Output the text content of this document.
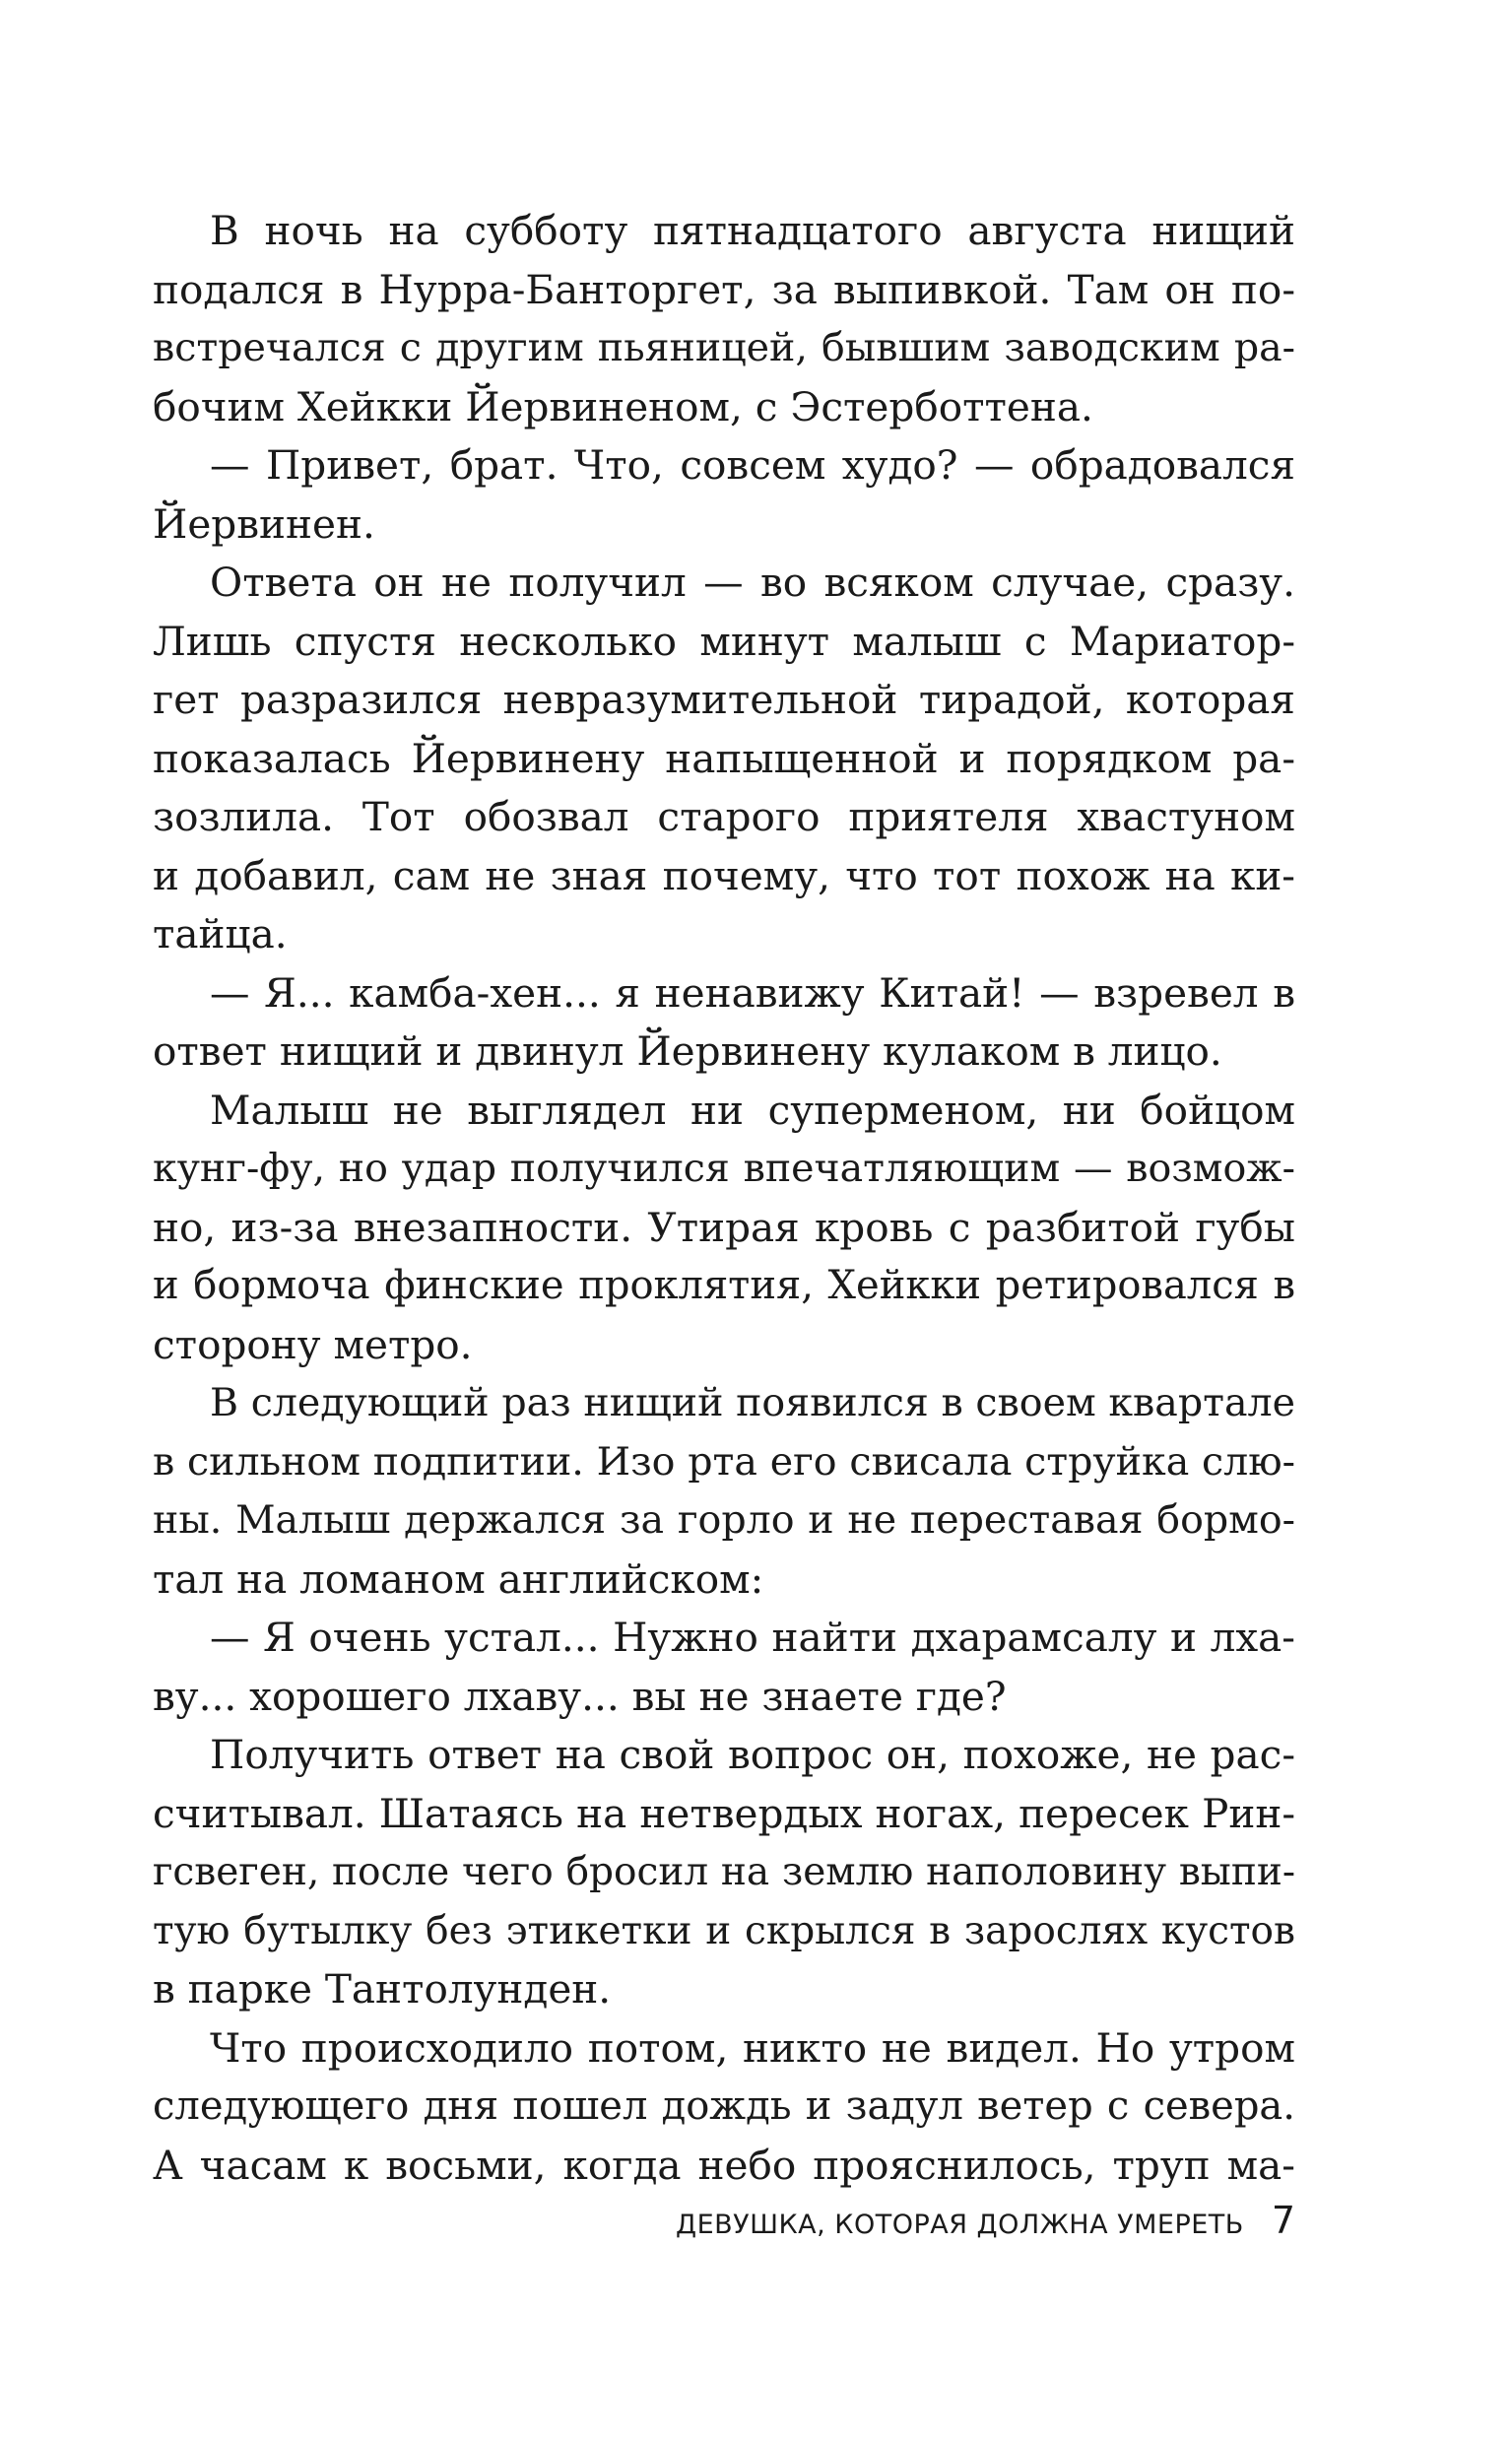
В ночь на субботу пятнадцатого августа нищий
подался в Нурра-Банторгет, за выпивкой. Там он по-
встречался с другим пьяницей, бывшим заводским ра-
бочим Хейкки Йервиненом, с Эстерботтена.
— Привет, брат. Что, совсем худо? — обрадовался
Йервинен.
Ответа он не получил — во всяком случае, сразу.
Лишь спустя несколько минут малыш с Мариатор-
гет разразился невразумительной тирадой, которая
показалась Йервинену напыщенной и порядком ра-
зозлила. Тот обозвал старого приятеля хвастуном
и добавил, сам не зная почему, что тот похож на ки-
тайца.
— Я... камба-хен... я ненавижу Китай! — взревел в
ответ нищий и двинул Йервинену кулаком в лицо.
Малыш не выглядел ни суперменом, ни бойцом
кунг-фу, но удар получился впечатляющим — возмож-
но, из-за внезапности. Утирая кровь с разбитой губы
и бормоча финские проклятия, Хейкки ретировался в
сторону метро.
В следующий раз нищий появился в своем квартале
в сильном подпитии. Изо рта его свисала струйка слю-
ны. Малыш держался за горло и не переставая бормо-
тал на ломаном английском:
— Я очень устал... Нужно найти дхарамсалу и лха-
ву... хорошего лхаву... вы не знаете где?
Получить ответ на свой вопрос он, похоже, не рас-
считывал. Шатаясь на нетвердых ногах, пересек Рин-
гсвеген, после чего бросил на землю наполовину выпи-
тую бутылку без этикетки и скрылся в зарослях кустов
в парке Тантолунден.
Что происходило потом, никто не видел. Но утром
следующего дня пошел дождь и задул ветер с севера.
А часам к восьми, когда небо прояснилось, труп ма-
ДЕВУШКА, КОТОРАЯ ДОЛЖНА УМЕРЕТЬ 7
